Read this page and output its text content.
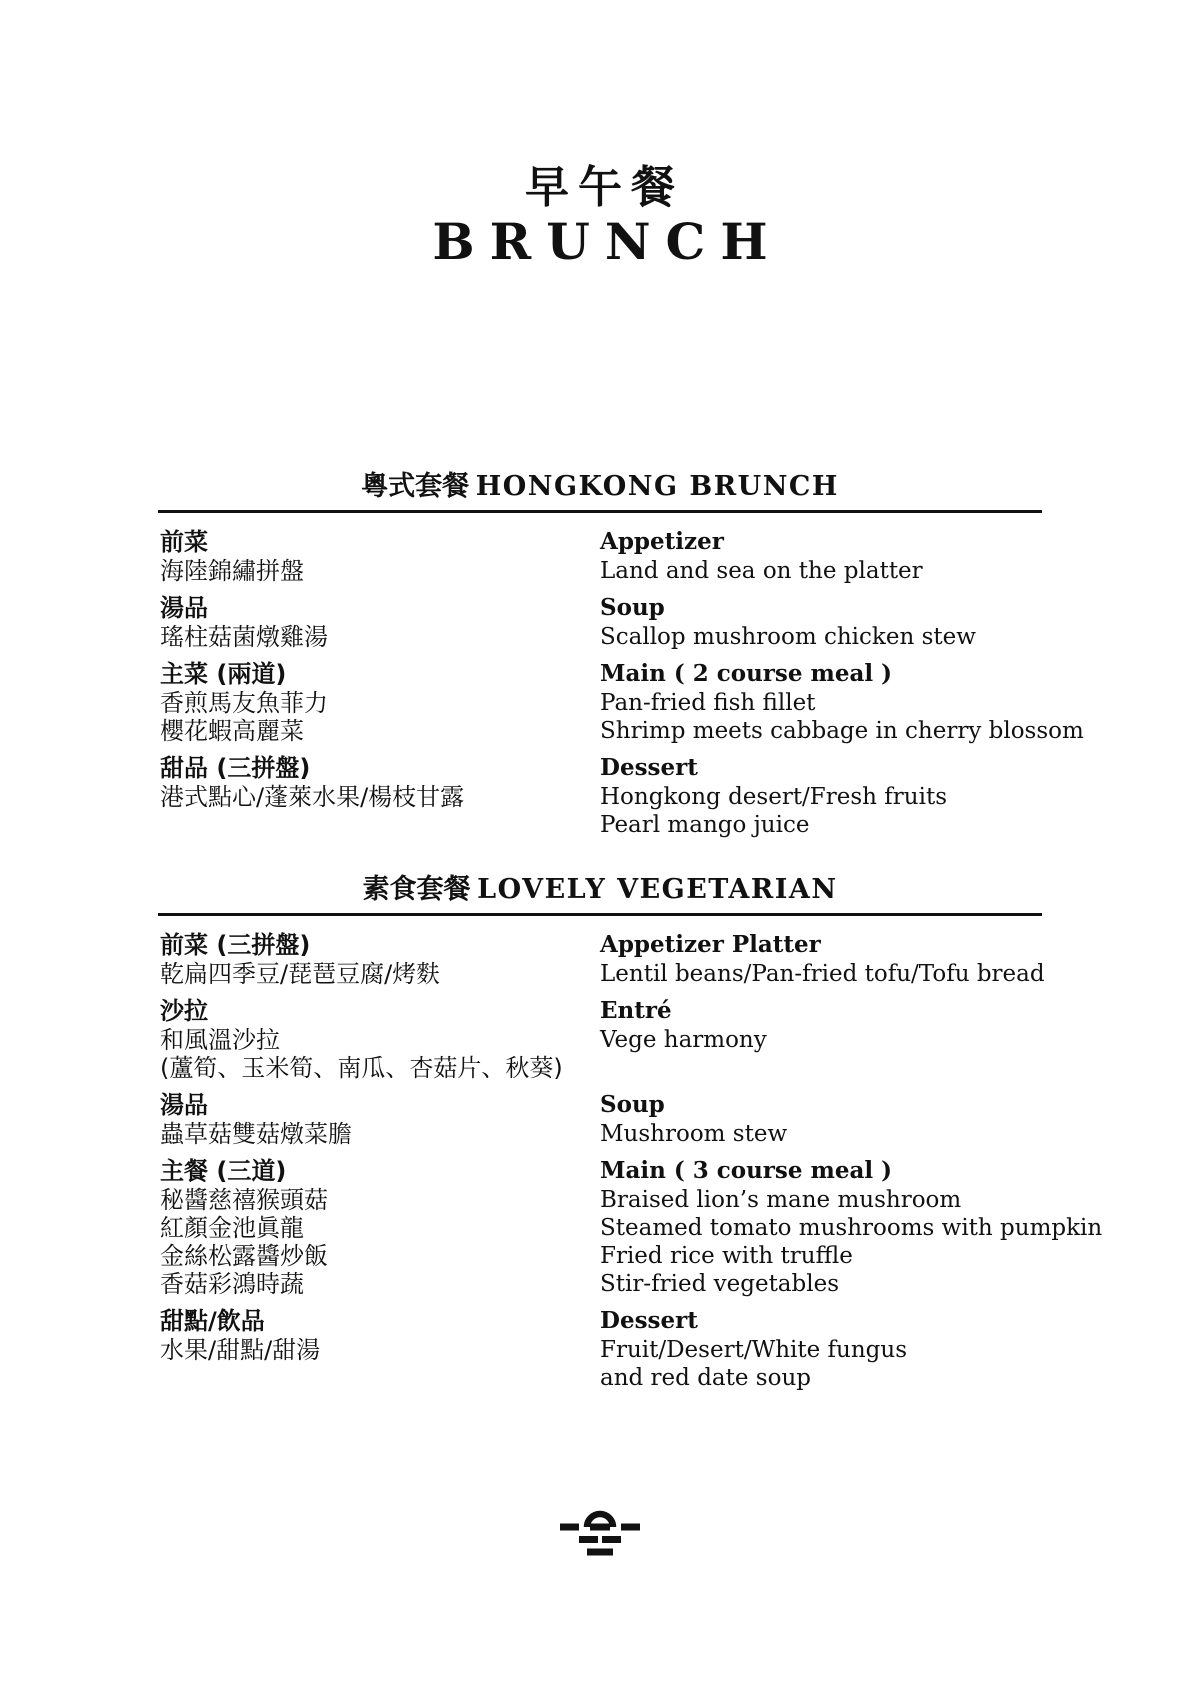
早午餐
BRUNCH
粵式套餐 HONGKONG BRUNCH
前菜
海陸錦繡拼盤
Appetizer
Land and sea on the platter
湯品
瑤柱菇菌燉雞湯
Soup
Scallop mushroom chicken stew
主菜 (兩道)
香煎馬友魚菲力
櫻花蝦高麗菜
Main ( 2 course meal )
Pan-fried fish fillet
Shrimp meets cabbage in cherry blossom
甜品 (三拼盤)
港式點心/蓬萊水果/楊枝甘露
Dessert
Hongkong desert/Fresh fruits
Pearl mango juice
素食套餐 LOVELY VEGETARIAN
前菜 (三拼盤)
乾扁四季豆/琵琶豆腐/烤麩
Appetizer Platter
Lentil beans/Pan-fried tofu/Tofu bread
沙拉
和風溫沙拉
(蘆筍、玉米筍、南瓜、杏菇片、秋葵)
Entré
Vege harmony
湯品
蟲草菇雙菇燉菜膽
Soup
Mushroom stew
主餐 (三道)
秘醬慈禧猴頭菇
紅顏金池眞龍
金絲松露醬炒飯
香菇彩鴻時蔬
Main ( 3 course meal )
Braised lion’s mane mushroom
Steamed tomato mushrooms with pumpkin
Fried rice with truffle
Stir-fried vegetables
甜點/飲品
水果/甜點/甜湯
Dessert
Fruit/Desert/White fungus
and red date soup
